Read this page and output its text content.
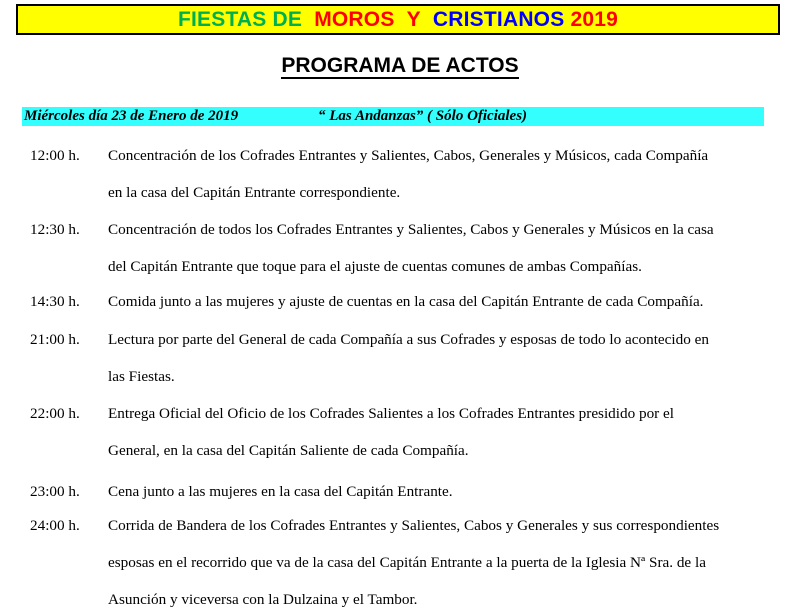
FIESTAS DE
MOROS
Y
CRISTIANOS
2019
PROGRAMA DE ACTOS
Miércoles día 23 de Enero de 2019	“ Las Andanzas” ( Sólo Oficiales)
12:00 h. Concentración de los Cofrades Entrantes y Salientes, Cabos, Generales y Músicos, cada Compañía
en la casa del Capitán Entrante correspondiente.
12:30 h. Concentración de todos los Cofrades Entrantes y Salientes, Cabos y Generales y Músicos en la casa
del Capitán Entrante que toque para el ajuste de cuentas comunes de ambas Compañías.
14:30 h. Comida junto a las mujeres y ajuste de cuentas en la casa del Capitán Entrante de cada Compañía.
21:00 h. Lectura por parte del General de cada Compañía a sus Cofrades y esposas de todo lo acontecido en
las Fiestas.
22:00 h. Entrega Oficial del Oficio de los Cofrades Salientes a los Cofrades Entrantes presidido por el
General, en la casa del Capitán Saliente de cada Compañía.
23:00 h. Cena junto a las mujeres en la casa del Capitán Entrante.
24:00 h. Corrida de Bandera de los Cofrades Entrantes y Salientes, Cabos y Generales y sus correspondientes
esposas en el recorrido que va de la casa del Capitán Entrante a la puerta de la Iglesia Nª Sra. de la
Asunción y viceversa con la Dulzaina y el Tambor.
